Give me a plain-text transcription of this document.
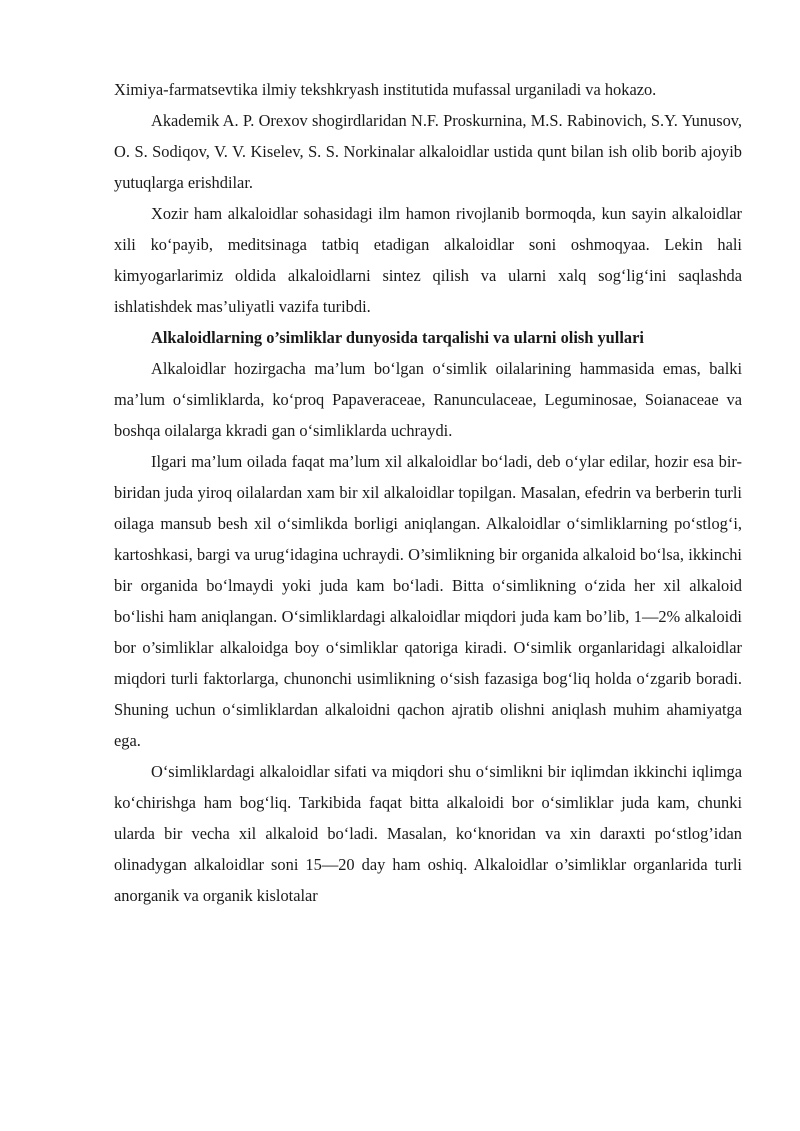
Ximiya-farmatsevtika ilmiy tekshkryash institutida mufassal urganiladi va hokazo.

Akademik A. P. Orexov shogirdlaridan N.F. Proskurnina, M.S. Rabinovich, S.Y. Yunusov, O. S. Sodiqov, V. V. Kiselev, S. S. Norkinalar alkaloidlar ustida qunt bilan ish olib borib ajoyib yutuqlarga erishdilar.

Xozir ham alkaloidlar sohasidagi ilm hamon rivojlanib bormoqda, kun sayin alkaloidlar xili ko‘payib, meditsinaga tatbiq etadigan alkaloidlar soni oshmoqyaa. Lekin hali kimyogarlarimiz oldida alkaloidlarni sintez qilish va ularni xalq sog‘lig‘ini saqlashda ishlatishdek mas’uliyatli vazifa turibdi.

Alkaloidlarning o’simliklar dunyosida tarqalishi va ularni olish yullari

Alkaloidlar hozirgacha ma’lum bo‘lgan o‘simlik oilalarining hammasida emas, balki ma’lum o‘simliklarda, ko‘proq Papaveraceae, Ranunculaceae, Leguminosae, Soianaceae va boshqa oilalarga kkradi gan o‘simliklarda uchraydi.

Ilgari ma’lum oilada faqat ma’lum xil alkaloidlar bo‘ladi, deb o‘ylar edilar, hozir esa bir-biridan juda yiroq oilalardan xam bir xil alkaloidlar topilgan. Masalan, efedrin va berberin turli oilaga mansub besh xil o‘simlikda borligi aniqlangan. Alkaloidlar o‘simliklarning po‘stlog‘i, kartoshkasi, bargi va urug‘idagina uchraydi. O’simlikning bir organida alkaloid bo‘lsa, ikkinchi bir organida bo‘lmaydi yoki juda kam bo‘ladi. Bitta o‘simlikning o‘zida her xil alkaloid bo‘lishi ham aniqlangan. O‘simliklardagi alkaloidlar miqdori juda kam bo’lib, 1—2% alkaloidi bor o’simliklar alkaloidga boy o‘simliklar qatoriga kiradi. O‘simlik organlaridagi alkaloidlar miqdori turli faktorlarga, chunonchi usimlikning o‘sish fazasiga bog‘liq holda o‘zgarib boradi. Shuning uchun o‘simliklardan alkaloidni qachon ajratib olishni aniqlash muhim ahamiyatga ega.

O‘simliklardagi alkaloidlar sifati va miqdori shu o‘simlikni bir iqlimdan ikkinchi iqlimga ko‘chirishga ham bog‘liq. Tarkibida faqat bitta alkaloidi bor o‘simliklar juda kam, chunki ularda bir vecha xil alkaloid bo‘ladi. Masalan, ko‘knoridan va xin daraxti po‘stlog’idan olinadygan alkaloidlar soni 15—20 day ham oshiq. Alkaloidlar o’simliklar organlarida turli anorganik va organik kislotalar
